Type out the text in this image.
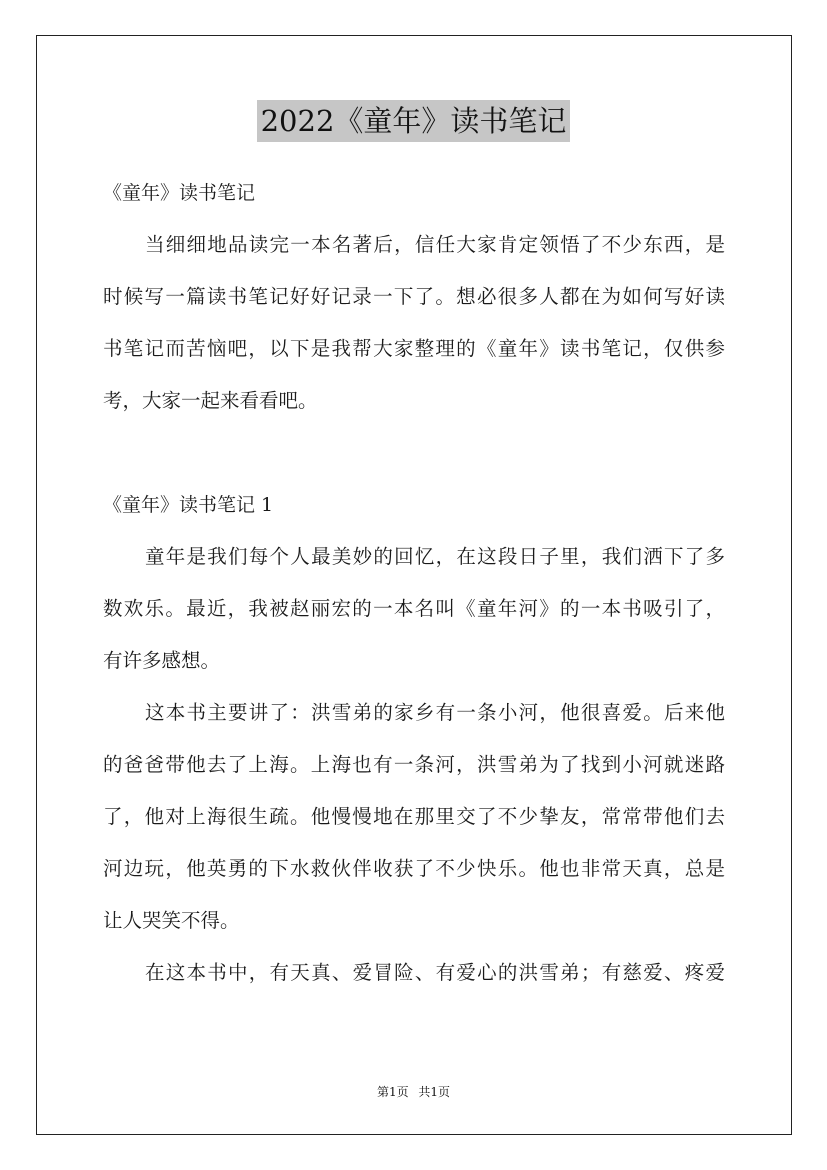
2022《童年》读书笔记
《童年》读书笔记
当细细地品读完一本名著后，信任大家肯定领悟了不少东西，是
时候写一篇读书笔记好好记录一下了。想必很多人都在为如何写好读
书笔记而苦恼吧，以下是我帮大家整理的《童年》读书笔记，仅供参
考，大家一起来看看吧。
《童年》读书笔记 1
童年是我们每个人最美妙的回忆，在这段日子里，我们洒下了多
数欢乐。最近，我被赵丽宏的一本名叫《童年河》的一本书吸引了，
有许多感想。
这本书主要讲了：洪雪弟的家乡有一条小河，他很喜爱。后来他
的爸爸带他去了上海。上海也有一条河，洪雪弟为了找到小河就迷路
了，他对上海很生疏。他慢慢地在那里交了不少挚友，常常带他们去
河边玩，他英勇的下水救伙伴收获了不少快乐。他也非常天真，总是
让人哭笑不得。
在这本书中，有天真、爱冒险、有爱心的洪雪弟；有慈爱、疼爱
第1页 共1页
